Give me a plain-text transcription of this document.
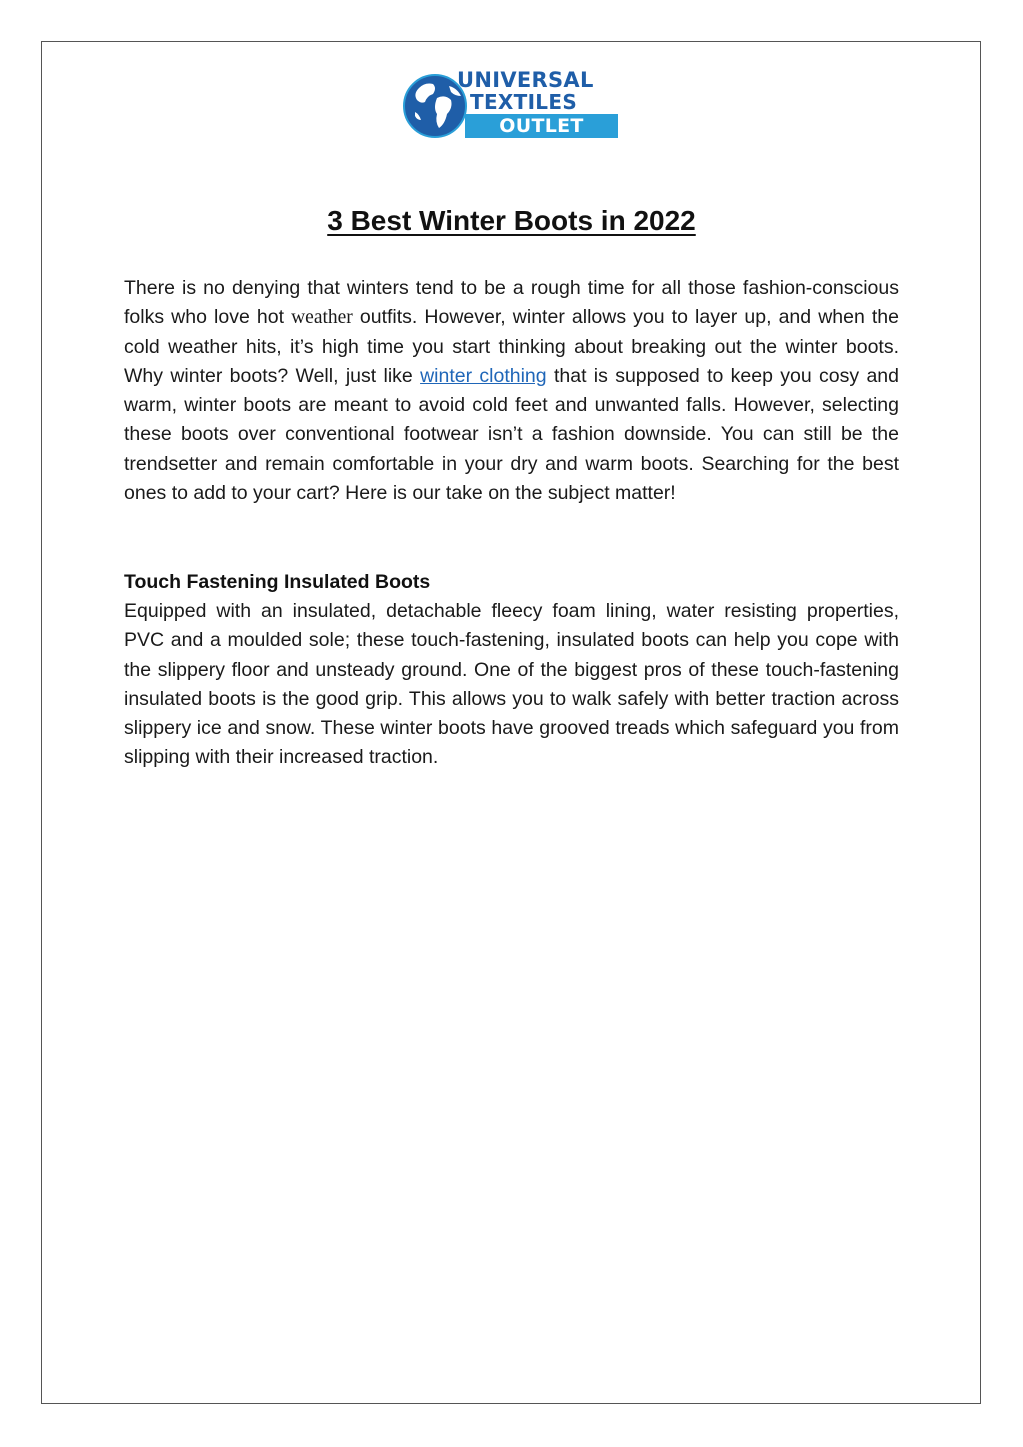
UNIVERSAL
TEXTILES
OUTLET
3 Best Winter Boots in 2022

There is no denying that winters tend to be a rough time for all those fashion-conscious folks who love hot weather outfits. However, winter allows you to layer up, and when the cold weather hits, it’s high time you start thinking about breaking out the winter boots. Why winter boots? Well, just like winter clothing that is supposed to keep you cosy and warm, winter boots are meant to avoid cold feet and unwanted falls. However, selecting these boots over conventional footwear isn’t a fashion downside. You can still be the trendsetter and remain comfortable in your dry and warm boots. Searching for the best ones to add to your cart? Here is our take on the subject matter!

Touch Fastening Insulated Boots

Equipped with an insulated, detachable fleecy foam lining, water resisting properties, PVC and a moulded sole; these touch-fastening, insulated boots can help you cope with the slippery floor and unsteady ground. One of the biggest pros of these touch-fastening insulated boots is the good grip. This allows you to walk safely with better traction across slippery ice and snow. These winter boots have grooved treads which safeguard you from slipping with their increased traction.
